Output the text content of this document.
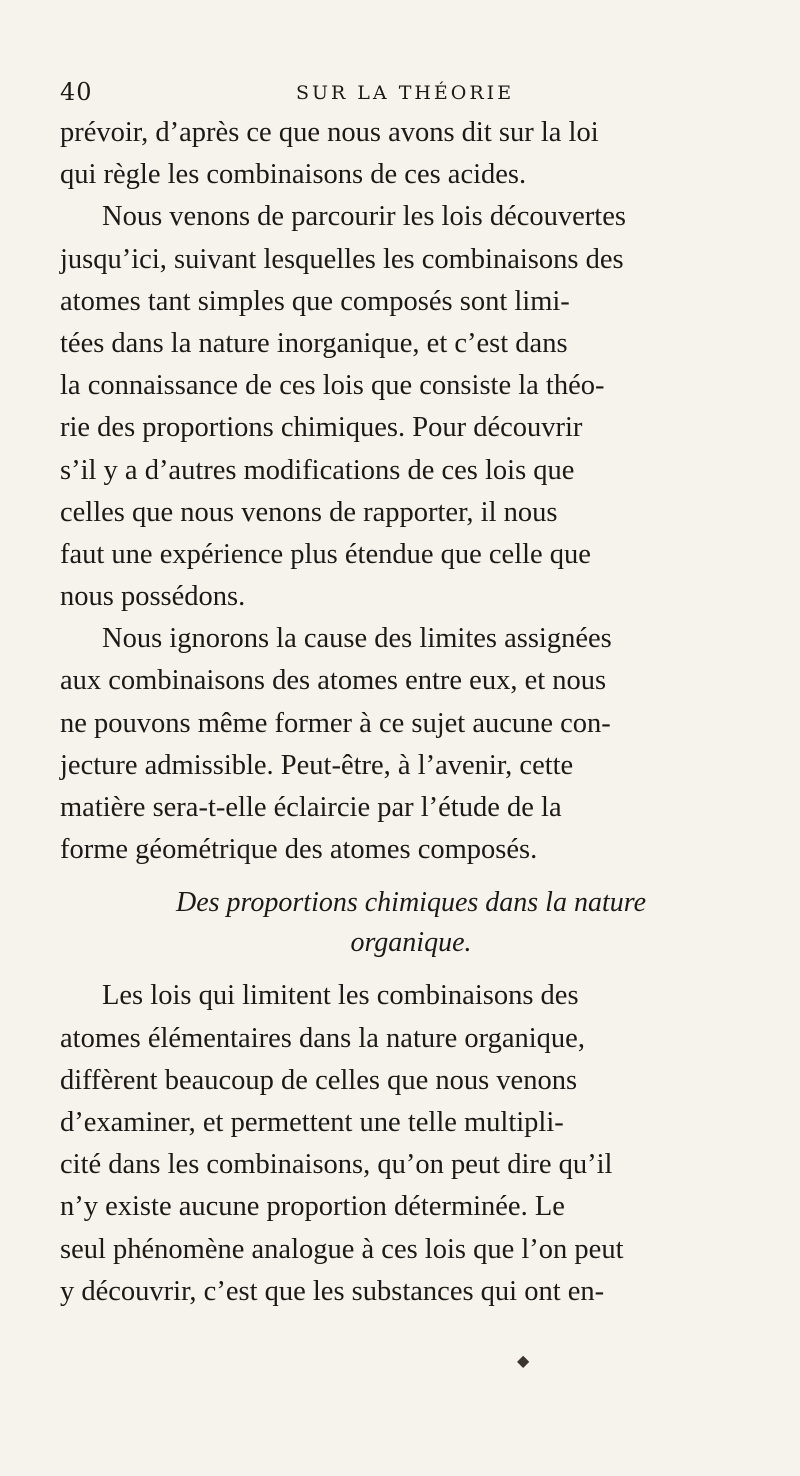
40	SUR LA THÉORIE
prévoir, d’après ce que nous avons dit sur la loi
qui règle les combinaisons de ces acides.
Nous venons de parcourir les lois découvertes
jusqu’ici, suivant lesquelles les combinaisons des
atomes tant simples que composés sont limi-
tées dans la nature inorganique, et c’est dans
la connaissance de ces lois que consiste la théo-
rie des proportions chimiques. Pour découvrir
s’il y a d’autres modifications de ces lois que
celles que nous venons de rapporter, il nous
faut une expérience plus étendue que celle que
nous possédons.
Nous ignorons la cause des limites assignées
aux combinaisons des atomes entre eux, et nous
ne pouvons même former à ce sujet aucune con-
jecture admissible. Peut-être, à l’avenir, cette
matière sera-t-elle éclaircie par l’étude de la
forme géométrique des atomes composés.
Des proportions chimiques dans la nature
organique.
Les lois qui limitent les combinaisons des
atomes élémentaires dans la nature organique,
diffèrent beaucoup de celles que nous venons
d’examiner, et permettent une telle multipli-
cité dans les combinaisons, qu’on peut dire qu’il
n’y existe aucune proportion déterminée. Le
seul phénomène analogue à ces lois que l’on peut
y découvrir, c’est que les substances qui ont en-
◆
